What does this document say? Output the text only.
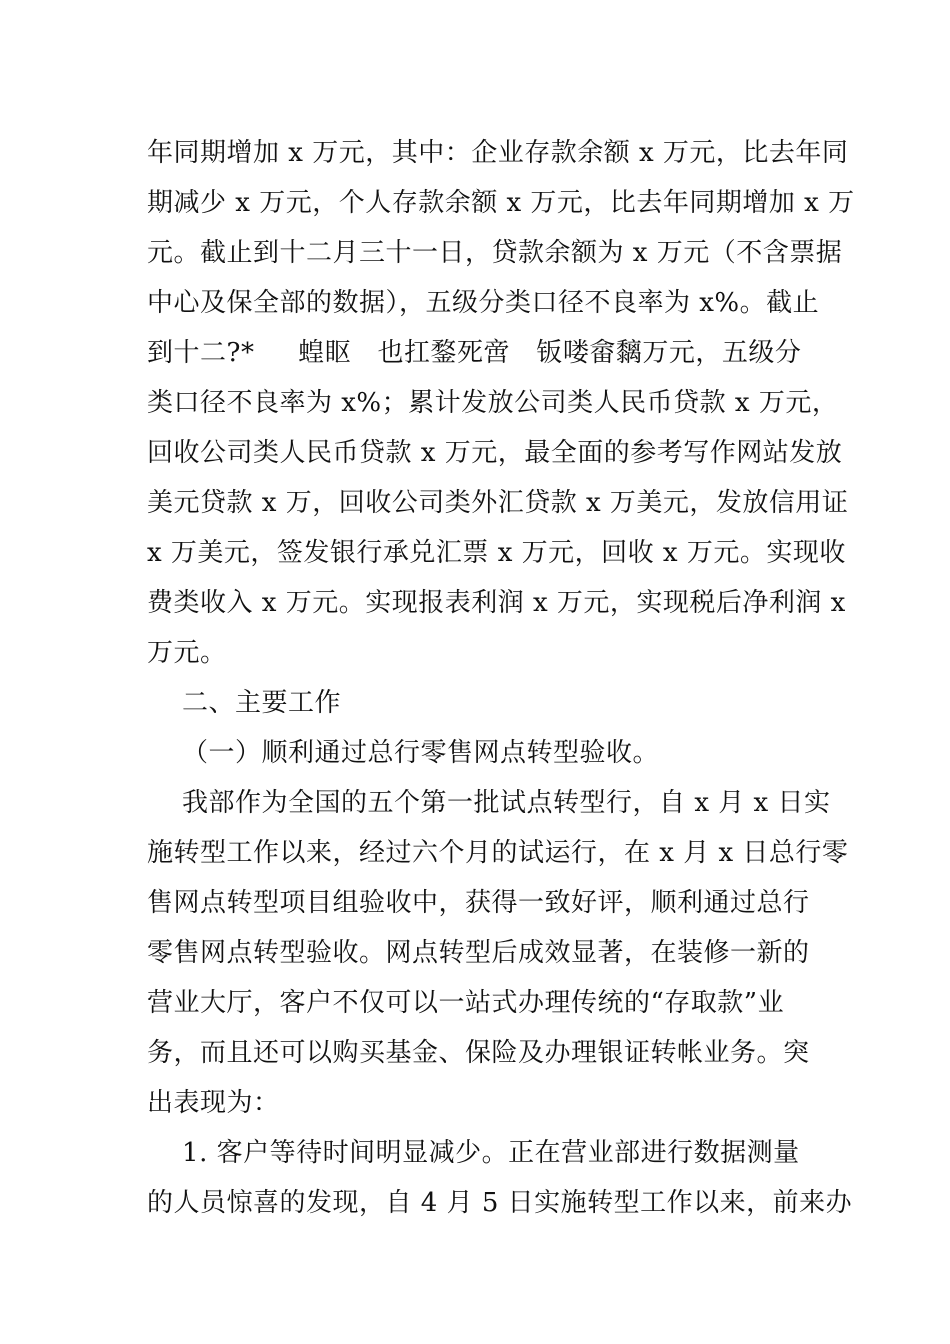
年同期增加 x 万元，其中：企业存款余额 x 万元，比去年同
期减少 x 万元，个人存款余额 x 万元，比去年同期增加 x 万
元。截止到十二月三十一日，贷款余额为 x 万元（不含票据
中心及保全部的数据），五级分类口径不良率为 x%。截止
到十二?*     蝗眍   也扛鍪死啻   钣喽畲黐万元，五级分
类口径不良率为 x%；累计发放公司类人民币贷款 x 万元，
回收公司类人民币贷款 x 万元，最全面的参考写作网站发放
美元贷款 x 万，回收公司类外汇贷款 x 万美元，发放信用证
x 万美元，签发银行承兑汇票 x 万元，回收 x 万元。实现收
费类收入 x 万元。实现报表利润 x 万元，实现税后净利润 x
万元。
二、主要工作
（一）顺利通过总行零售网点转型验收。
我部作为全国的五个第一批试点转型行，自 x 月 x 日实
施转型工作以来，经过六个月的试运行，在 x 月 x 日总行零
售网点转型项目组验收中，获得一致好评，顺利通过总行
零售网点转型验收。网点转型后成效显著，在装修一新的
营业大厅，客户不仅可以一站式办理传统的“存取款”业
务，而且还可以购买基金、保险及办理银证转帐业务。突
出表现为：
1. 客户等待时间明显减少。正在营业部进行数据测量
的人员惊喜的发现，自 4 月 5 日实施转型工作以来，前来办
